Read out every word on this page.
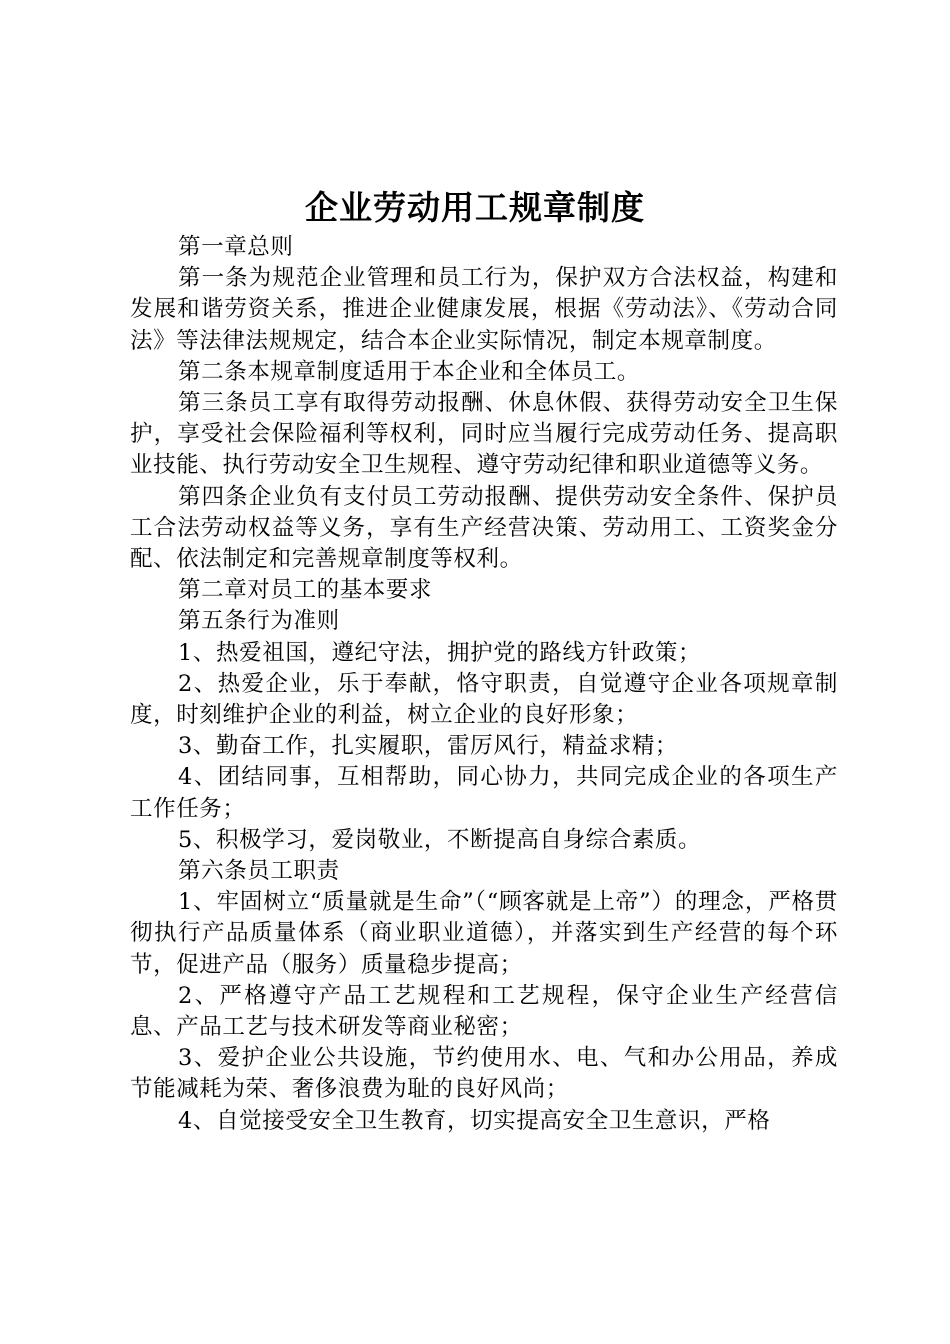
企业劳动用工规章制度

第一章总则

第一条为规范企业管理和员工行为，保护双方合法权益，构建和发展和谐劳资关系，推进企业健康发展，根据《劳动法》、《劳动合同法》等法律法规规定，结合本企业实际情况，制定本规章制度。

第二条本规章制度适用于本企业和全体员工。

第三条员工享有取得劳动报酬、休息休假、获得劳动安全卫生保护，享受社会保险福利等权利，同时应当履行完成劳动任务、提高职业技能、执行劳动安全卫生规程、遵守劳动纪律和职业道德等义务。

第四条企业负有支付员工劳动报酬、提供劳动安全条件、保护员工合法劳动权益等义务，享有生产经营决策、劳动用工、工资奖金分配、依法制定和完善规章制度等权利。

第二章对员工的基本要求

第五条行为准则

1、热爱祖国，遵纪守法，拥护党的路线方针政策；

2、热爱企业，乐于奉献，恪守职责，自觉遵守企业各项规章制度，时刻维护企业的利益，树立企业的良好形象；

3、勤奋工作，扎实履职，雷厉风行，精益求精；

4、团结同事，互相帮助，同心协力，共同完成企业的各项生产工作任务；

5、积极学习，爱岗敬业，不断提高自身综合素质。

第六条员工职责

1、牢固树立“质量就是生命”（“顾客就是上帝”）的理念，严格贯彻执行产品质量体系（商业职业道德），并落实到生产经营的每个环节，促进产品（服务）质量稳步提高；

2、严格遵守产品工艺规程和工艺规程，保守企业生产经营信息、产品工艺与技术研发等商业秘密；

3、爱护企业公共设施，节约使用水、电、气和办公用品，养成节能减耗为荣、奢侈浪费为耻的良好风尚；

4、自觉接受安全卫生教育，切实提高安全卫生意识，严格
